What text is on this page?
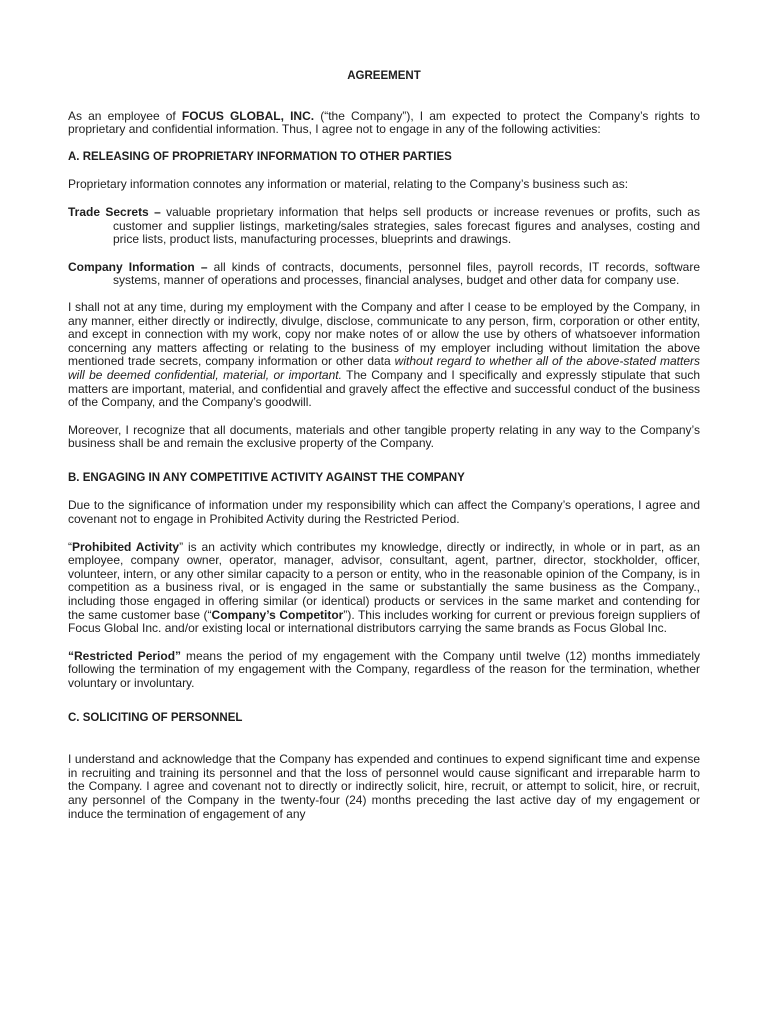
AGREEMENT

As an employee of FOCUS GLOBAL, INC. (“the Company”), I am expected to protect the Company’s rights to proprietary and confidential information. Thus, I agree not to engage in any of the following activities:

A. RELEASING OF PROPRIETARY INFORMATION TO OTHER PARTIES

Proprietary information connotes any information or material, relating to the Company’s business such as:

Trade Secrets – valuable proprietary information that helps sell products or increase revenues or profits, such as customer and supplier listings, marketing/sales strategies, sales forecast figures and analyses, costing and price lists, product lists, manufacturing processes, blueprints and drawings.

Company Information – all kinds of contracts, documents, personnel files, payroll records, IT records, software systems, manner of operations and processes, financial analyses, budget and other data for company use.

I shall not at any time, during my employment with the Company and after I cease to be employed by the Company, in any manner, either directly or indirectly, divulge, disclose, communicate to any person, firm, corporation or other entity, and except in connection with my work, copy nor make notes of or allow the use by others of whatsoever information concerning any matters affecting or relating to the business of my employer including without limitation the above mentioned trade secrets, company information or other data without regard to whether all of the above-stated matters will be deemed confidential, material, or important. The Company and I specifically and expressly stipulate that such matters are important, material, and confidential and gravely affect the effective and successful conduct of the business of the Company, and the Company’s goodwill.

Moreover, I recognize that all documents, materials and other tangible property relating in any way to the Company’s business shall be and remain the exclusive property of the Company.

B. ENGAGING IN ANY COMPETITIVE ACTIVITY AGAINST THE COMPANY

Due to the significance of information under my responsibility which can affect the Company’s operations, I agree and covenant not to engage in Prohibited Activity during the Restricted Period.

“Prohibited Activity” is an activity which contributes my knowledge, directly or indirectly, in whole or in part, as an employee, company owner, operator, manager, advisor, consultant, agent, partner, director, stockholder, officer, volunteer, intern, or any other similar capacity to a person or entity, who in the reasonable opinion of the Company, is in competition as a business rival, or is engaged in the same or substantially the same business as the Company., including those engaged in offering similar (or identical) products or services in the same market and contending for the same customer base (“Company’s Competitor”). This includes working for current or previous foreign suppliers of Focus Global Inc. and/or existing local or international distributors carrying the same brands as Focus Global Inc.

“Restricted Period” means the period of my engagement with the Company until twelve (12) months immediately following the termination of my engagement with the Company, regardless of the reason for the termination, whether voluntary or involuntary.

C. SOLICITING OF PERSONNEL

I understand and acknowledge that the Company has expended and continues to expend significant time and expense in recruiting and training its personnel and that the loss of personnel would cause significant and irreparable harm to the Company. I agree and covenant not to directly or indirectly solicit, hire, recruit, or attempt to solicit, hire, or recruit, any personnel of the Company in the twenty-four (24) months preceding the last active day of my engagement or induce the termination of engagement of any
